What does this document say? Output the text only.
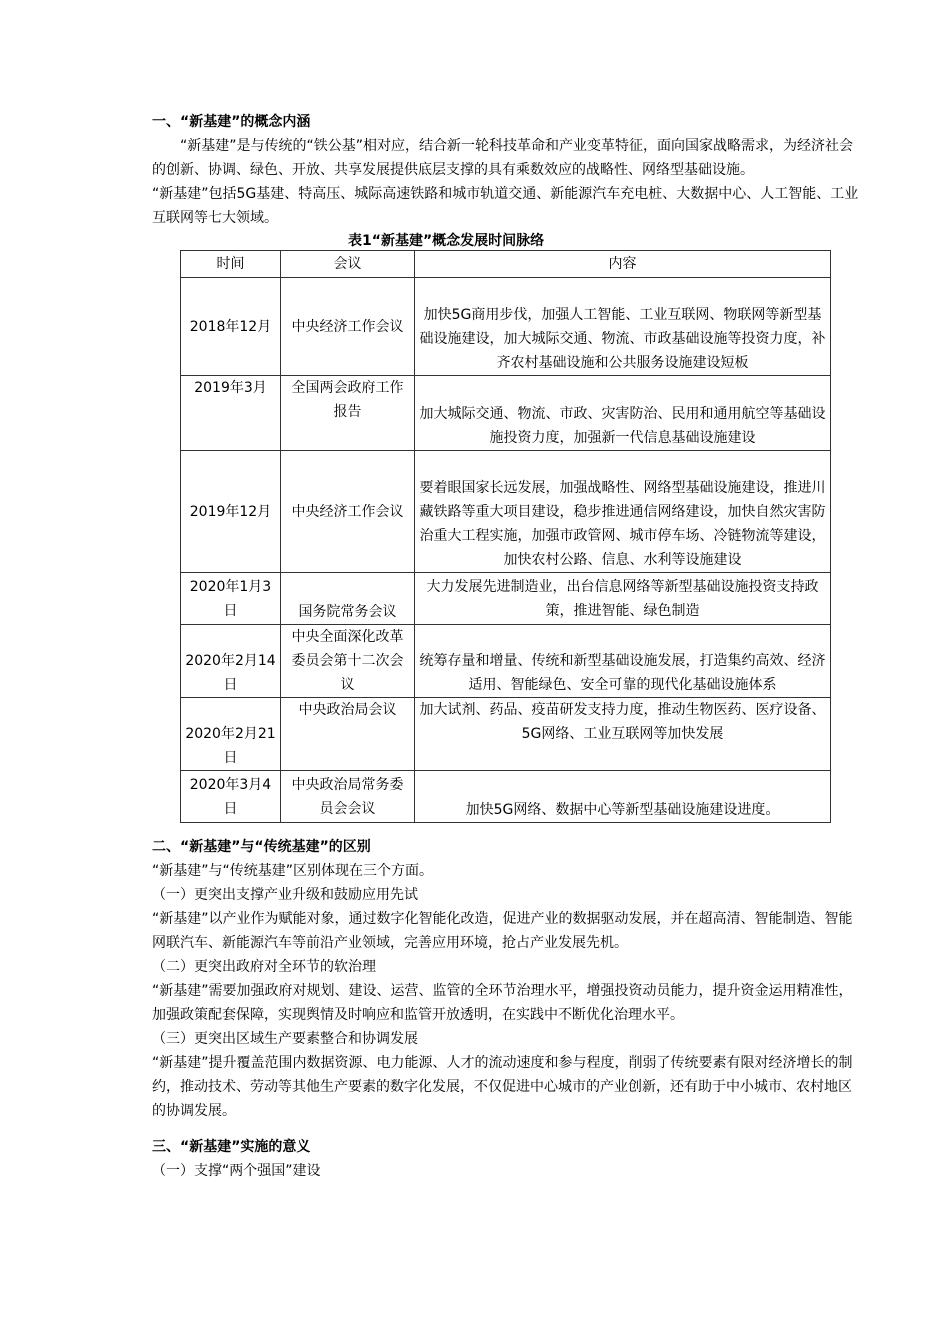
一、“新基建”的概念内涵

“新基建”是与传统的“铁公基”相对应，结合新一轮科技革命和产业变革特征，面向国家战略需求，为经济社会的创新、协调、绿色、开放、共享发展提供底层支撑的具有乘数效应的战略性、网络型基础设施。

“新基建”包括5G基建、特高压、城际高速铁路和城市轨道交通、新能源汽车充电桩、大数据中心、人工智能、工业互联网等七大领域。

表1“新基建”概念发展时间脉络
时间	会议	内容
2018年12月	中央经济工作会议	加快5G商用步伐，加强人工智能、工业互联网、物联网等新型基础设施建设，加大城际交通、物流、市政基础设施等投资力度，补齐农村基础设施和公共服务设施建设短板
2019年3月	全国两会政府工作报告	加大城际交通、物流、市政、灾害防治、民用和通用航空等基础设施投资力度，加强新一代信息基础设施建设
2019年12月	中央经济工作会议	要着眼国家长远发展，加强战略性、网络型基础设施建设，推进川藏铁路等重大项目建设，稳步推进通信网络建设，加快自然灾害防治重大工程实施，加强市政管网、城市停车场、冷链物流等建设，加快农村公路、信息、水利等设施建设
2020年1月3日	国务院常务会议	大力发展先进制造业，出台信息网络等新型基础设施投资支持政策，推进智能、绿色制造
2020年2月14日	中央全面深化改革委员会第十二次会议	统筹存量和增量、传统和新型基础设施发展，打造集约高效、经济适用、智能绿色、安全可靠的现代化基础设施体系
2020年2月21日	中央政治局会议	加大试剂、药品、疫苗研发支持力度，推动生物医药、医疗设备、5G网络、工业互联网等加快发展
2020年3月4日	中央政治局常务委员会会议	加快5G网络、数据中心等新型基础设施建设进度。

二、“新基建”与“传统基建”的区别

“新基建”与“传统基建”区别体现在三个方面。

（一）更突出支撑产业升级和鼓励应用先试

“新基建”以产业作为赋能对象，通过数字化智能化改造，促进产业的数据驱动发展，并在超高清、智能制造、智能网联汽车、新能源汽车等前沿产业领域，完善应用环境，抢占产业发展先机。

（二）更突出政府对全环节的软治理

“新基建”需要加强政府对规划、建设、运营、监管的全环节治理水平，增强投资动员能力，提升资金运用精准性，加强政策配套保障，实现舆情及时响应和监管开放透明，在实践中不断优化治理水平。

（三）更突出区域生产要素整合和协调发展

“新基建”提升覆盖范围内数据资源、电力能源、人才的流动速度和参与程度，削弱了传统要素有限对经济增长的制约，推动技术、劳动等其他生产要素的数字化发展，不仅促进中心城市的产业创新，还有助于中小城市、农村地区的协调发展。

三、“新基建”实施的意义

（一）支撑“两个强国”建设
